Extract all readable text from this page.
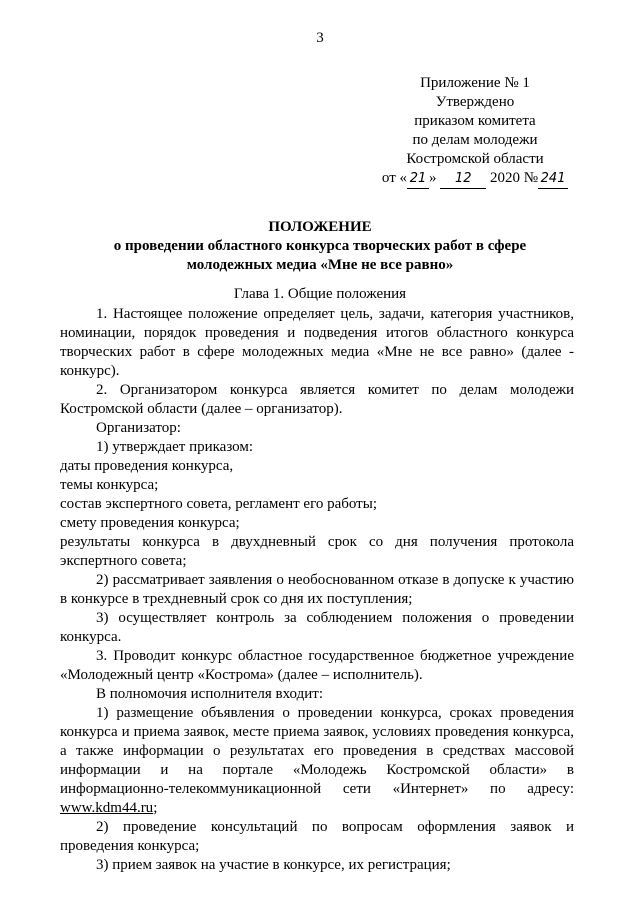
3
Приложение № 1
Утверждено
приказом комитета
по делам молодежи
Костромской области
от « 21 » 12 2020 № 241
ПОЛОЖЕНИЕ
о проведении областного конкурса творческих работ в сфере
молодежных медиа «Мне не все равно»
Глава 1. Общие положения

1. Настоящее положение определяет цель, задачи, категория участников, номинации, порядок проведения и подведения итогов областного конкурса творческих работ в сфере молодежных медиа «Мне не все равно» (далее - конкурс).

2. Организатором конкурса является комитет по делам молодежи Костромской области (далее – организатор).

Организатор:

1) утверждает приказом:

даты проведения конкурса,

темы конкурса;

состав экспертного совета, регламент его работы;

смету проведения конкурса;

результаты конкурса в двухдневный срок со дня получения протокола экспертного совета;

2) рассматривает заявления о необоснованном отказе в допуске к участию в конкурсе в трехдневный срок со дня их поступления;

3) осуществляет контроль за соблюдением положения о проведении конкурса.

3. Проводит конкурс областное государственное бюджетное учреждение «Молодежный центр «Кострома» (далее – исполнитель).

В полномочия исполнителя входит:

1) размещение объявления о проведении конкурса, сроках проведения конкурса и приема заявок, месте приема заявок, условиях проведения конкурса, а также информации о результатах его проведения в средствах массовой информации и на портале «Молодежь Костромской области» в информационно-телекоммуникационной сети «Интернет» по адресу: www.kdm44.ru;

2) проведение консультаций по вопросам оформления заявок и проведения конкурса;

3) прием заявок на участие в конкурсе, их регистрация;
